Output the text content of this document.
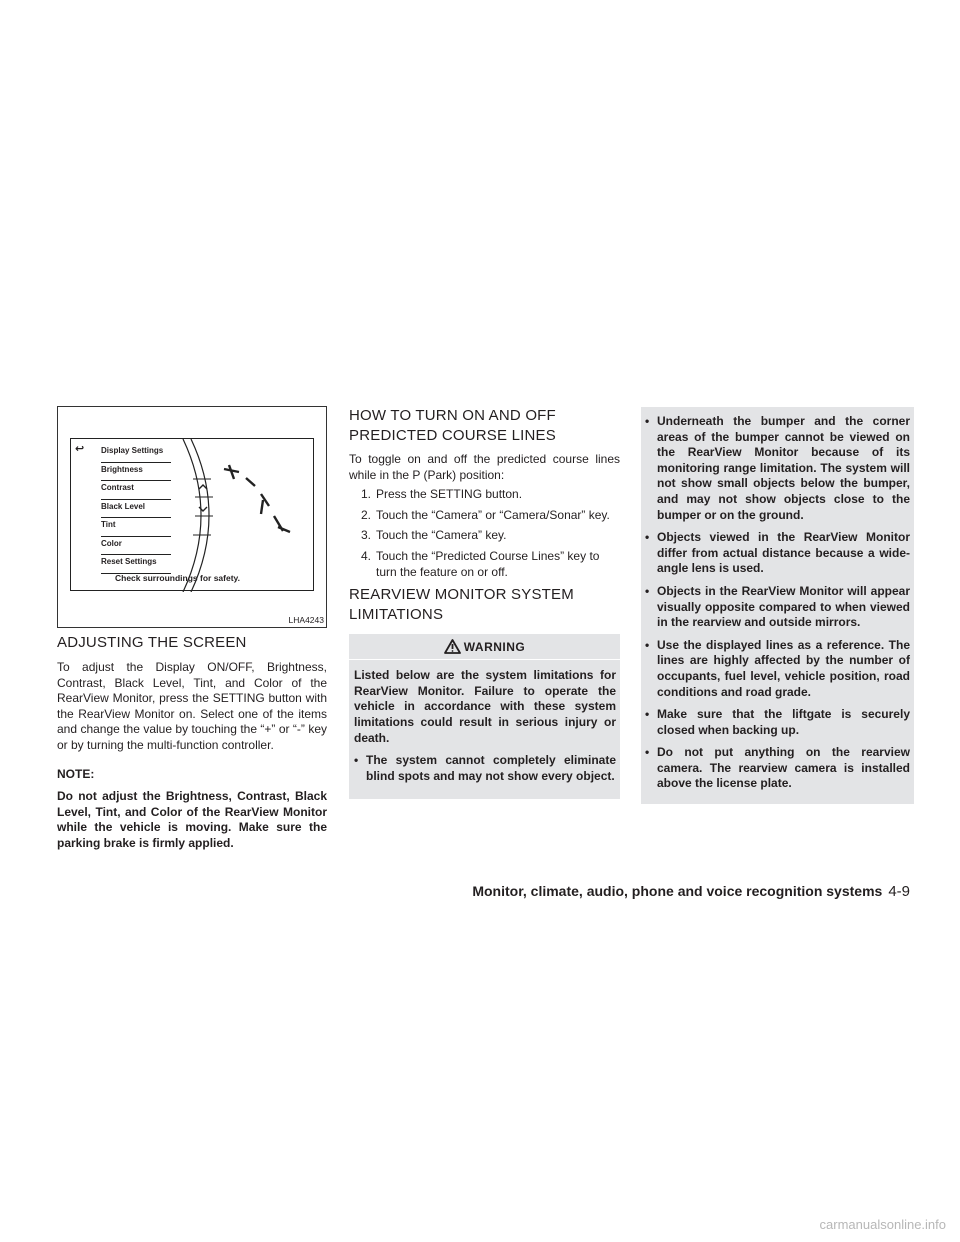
↩ Display Settings
Brightness
Contrast
Black Level
Tint
Color
Reset Settings
Check surroundings for safety.
LHA4243
ADJUSTING THE SCREEN

To adjust the Display ON/OFF, Brightness, Contrast, Black Level, Tint, and Color of the RearView Monitor, press the SETTING button with the RearView Monitor on. Select one of the items and change the value by touching the “+” or “-” key or by turning the multi-function controller.

NOTE:

Do not adjust the Brightness, Contrast, Black Level, Tint, and Color of the RearView Monitor while the vehicle is moving. Make sure the parking brake is firmly applied.

HOW TO TURN ON AND OFF
PREDICTED COURSE LINES

To toggle on and off the predicted course lines while in the P (Park) position:

1. Press the SETTING button.
2. Touch the “Camera” or “Camera/Sonar” key.
3. Touch the “Camera” key.
4. Touch the “Predicted Course Lines” key to turn the feature on or off.
REARVIEW MONITOR SYSTEM
LIMITATIONS
WARNING

Listed below are the system limitations for RearView Monitor. Failure to operate the vehicle in accordance with these system limitations could result in serious injury or death.

• The system cannot completely eliminate blind spots and may not show every object.
• Underneath the bumper and the corner areas of the bumper cannot be viewed on the RearView Monitor because of its monitoring range limitation. The system will not show small objects below the bumper, and may not show objects close to the bumper or on the ground.
• Objects viewed in the RearView Monitor differ from actual distance because a wide-angle lens is used.
• Objects in the RearView Monitor will appear visually opposite compared to when viewed in the rearview and outside mirrors.
• Use the displayed lines as a reference. The lines are highly affected by the number of occupants, fuel level, vehicle position, road conditions and road grade.
• Make sure that the liftgate is securely closed when backing up.
• Do not put anything on the rearview camera. The rearview camera is installed above the license plate.
Monitor, climate, audio, phone and voice recognition systems 4-9
carmanualsonline.info
